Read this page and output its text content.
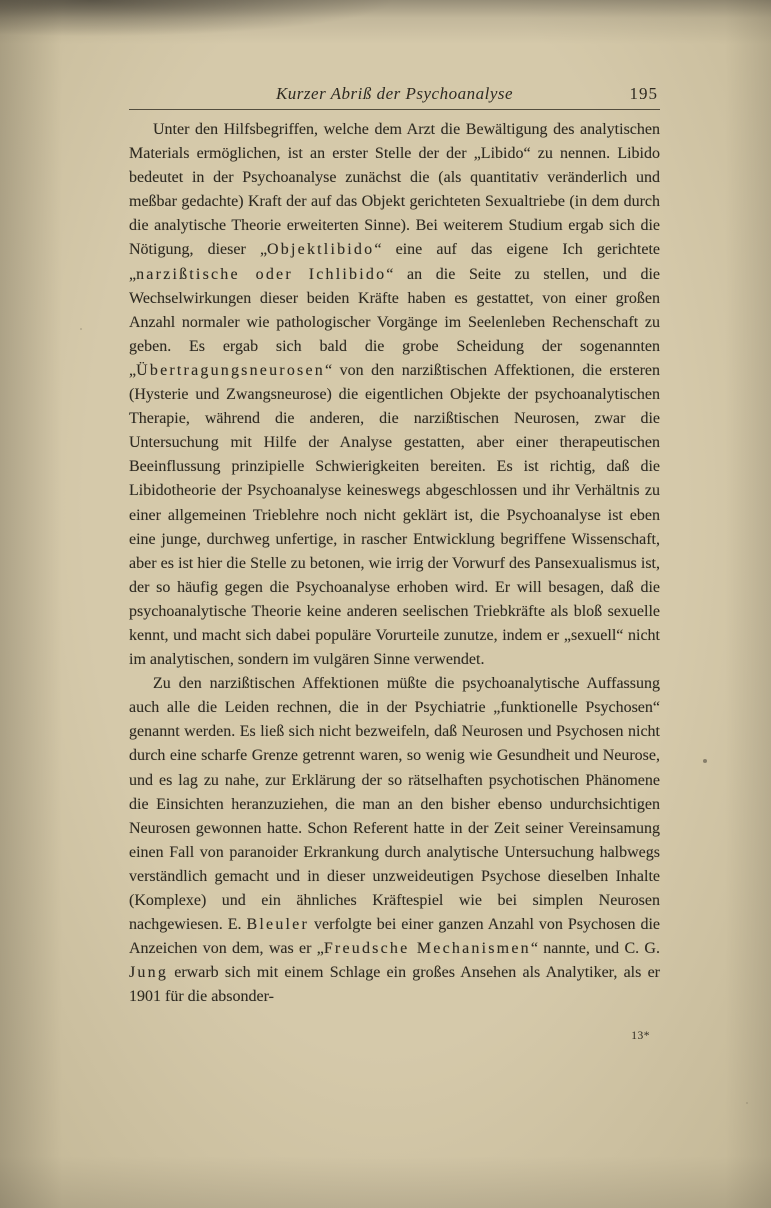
Kurzer Abriß der Psychoanalyse	195

Unter den Hilfsbegriffen, welche dem Arzt die Bewältigung des analytischen Materials ermöglichen, ist an erster Stelle der der „Libido“ zu nennen. Libido bedeutet in der Psychoanalyse zunächst die (als quantitativ veränderlich und meßbar gedachte) Kraft der auf das Objekt gerichteten Sexualtriebe (in dem durch die analytische Theorie erweiterten Sinne). Bei weiterem Studium ergab sich die Nötigung, dieser „Objektlibido“ eine auf das eigene Ich gerichtete „narzißtische oder Ichlibido“ an die Seite zu stellen, und die Wechselwirkungen dieser beiden Kräfte haben es gestattet, von einer großen Anzahl normaler wie pathologischer Vorgänge im Seelenleben Rechenschaft zu geben. Es ergab sich bald die grobe Scheidung der sogenannten „Übertragungsneurosen“ von den narzißtischen Affektionen, die ersteren (Hysterie und Zwangsneurose) die eigentlichen Objekte der psychoanalytischen Therapie, während die anderen, die narzißtischen Neurosen, zwar die Untersuchung mit Hilfe der Analyse gestatten, aber einer therapeutischen Beeinflussung prinzipielle Schwierigkeiten bereiten. Es ist richtig, daß die Libidotheorie der Psychoanalyse keineswegs abgeschlossen und ihr Verhältnis zu einer allgemeinen Trieblehre noch nicht geklärt ist, die Psychoanalyse ist eben eine junge, durchweg unfertige, in rascher Entwicklung begriffene Wissenschaft, aber es ist hier die Stelle zu betonen, wie irrig der Vorwurf des Pansexualismus ist, der so häufig gegen die Psychoanalyse erhoben wird. Er will besagen, daß die psychoanalytische Theorie keine anderen seelischen Triebkräfte als bloß sexuelle kennt, und macht sich dabei populäre Vorurteile zunutze, indem er „sexuell“ nicht im analytischen, sondern im vulgären Sinne verwendet.

Zu den narzißtischen Affektionen müßte die psychoanalytische Auffassung auch alle die Leiden rechnen, die in der Psychiatrie „funktionelle Psychosen“ genannt werden. Es ließ sich nicht bezweifeln, daß Neurosen und Psychosen nicht durch eine scharfe Grenze getrennt waren, so wenig wie Gesundheit und Neurose, und es lag zu nahe, zur Erklärung der so rätselhaften psychotischen Phänomene die Einsichten heranzuziehen, die man an den bisher ebenso undurchsichtigen Neurosen gewonnen hatte. Schon Referent hatte in der Zeit seiner Vereinsamung einen Fall von paranoider Erkrankung durch analytische Untersuchung halbwegs verständlich gemacht und in dieser unzweideutigen Psychose dieselben Inhalte (Komplexe) und ein ähnliches Kräftespiel wie bei simplen Neurosen nachgewiesen. E. Bleuler verfolgte bei einer ganzen Anzahl von Psychosen die Anzeichen von dem, was er „Freudsche Mechanismen“ nannte, und C. G. Jung erwarb sich mit einem Schlage ein großes Ansehen als Analytiker, als er 1901 für die absonder-

13*
